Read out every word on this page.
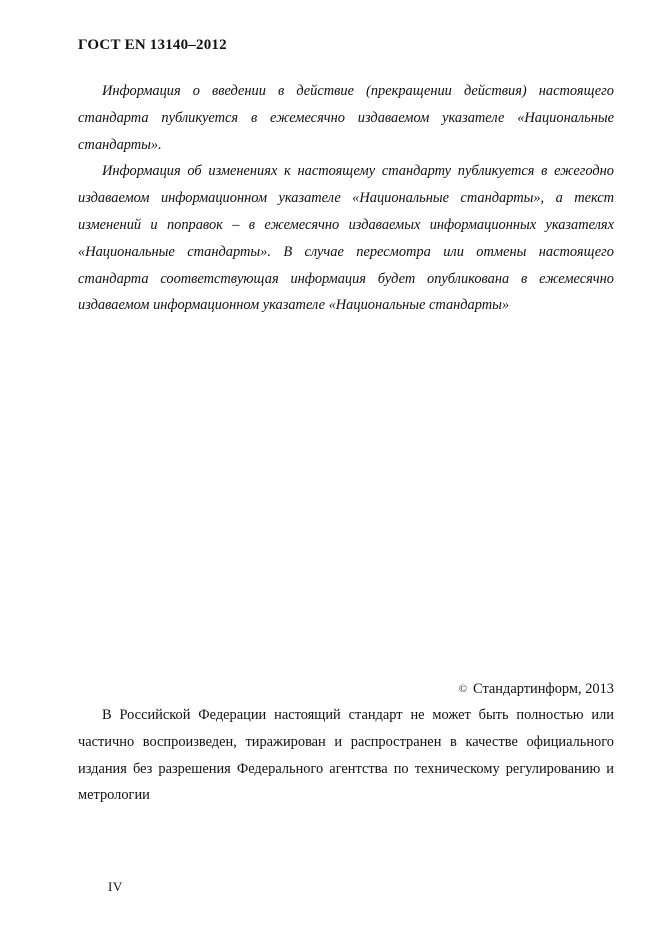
ГОСТ EN 13140–2012

Информация о введении в действие (прекращении действия) настоящего стандарта публикуется в ежемесячно издаваемом указателе «Национальные стандарты».

Информация об изменениях к настоящему стандарту публикуется в ежегодно издаваемом информационном указателе «Национальные стандарты», а текст изменений и поправок – в ежемесячно издаваемых информационных указателях «Национальные стандарты». В случае пересмотра или отмены настоящего стандарта соответствующая информация будет опубликована в ежемесячно издаваемом информационном указателе «Национальные стандарты»

© Стандартинформ, 2013

В Российской Федерации настоящий стандарт не может быть полностью или частично воспроизведен, тиражирован и распространен в качестве официального издания без разрешения Федерального агентства по техническому регулированию и метрологии

IV
